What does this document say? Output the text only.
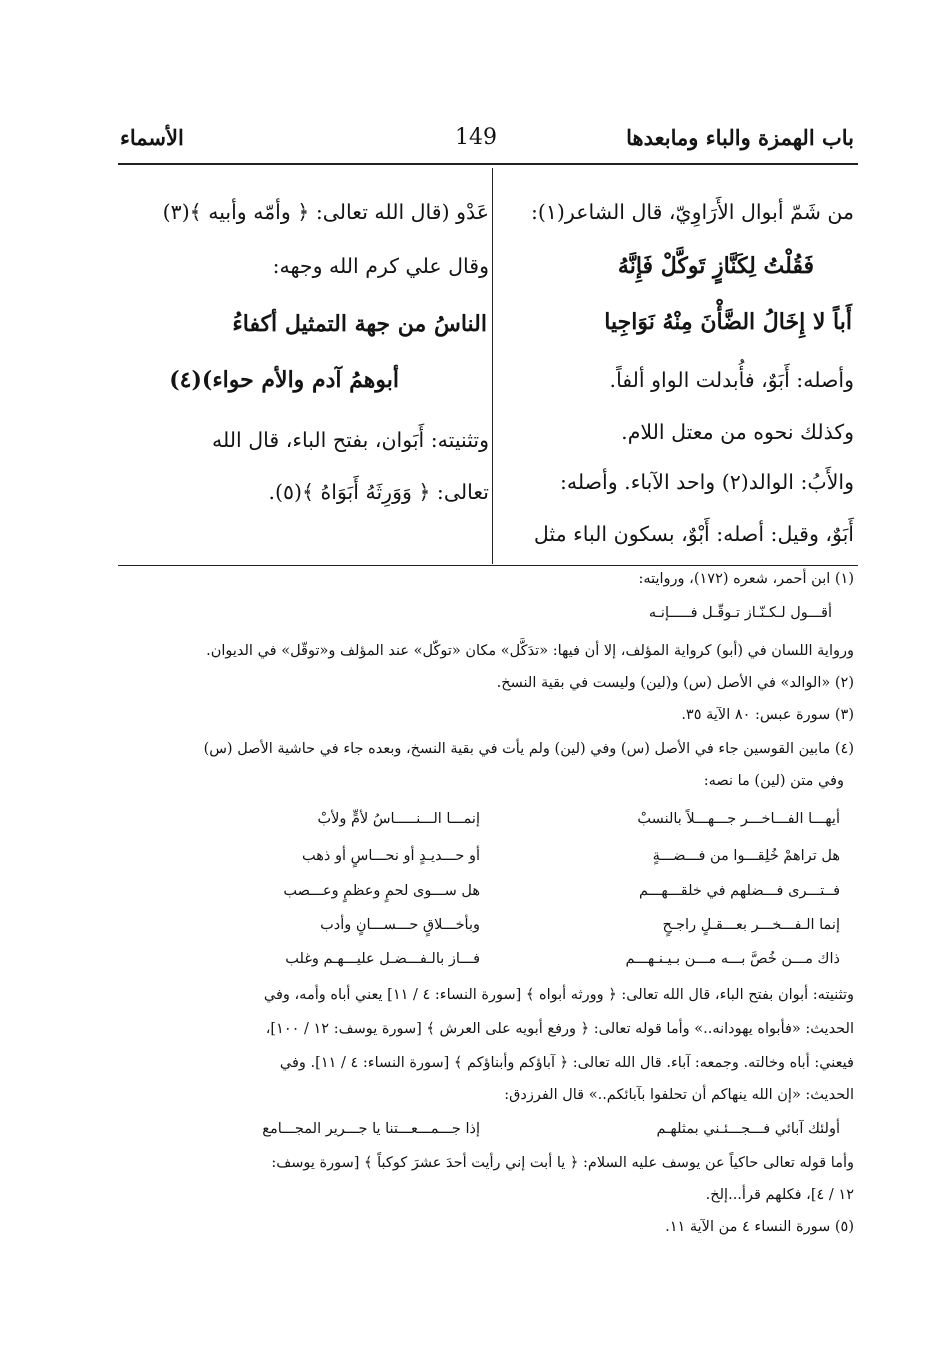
باب الهمزة والباء ومابعدها
149
الأسماء
من شَمّ أبوال الأَرَاوِيّ، قال الشاعر(١):
فَقُلْتُ لِكَنَّازٍ تَوكَّلْ فَإِنَّهُ
أَباً لا إِخَالُ الضَّأْنَ مِنْهُ نَوَاجِيا
وأصله: أَبَوٌ، فأُبدلت الواو ألفاً.
وكذلك نحوه من معتل اللام.
والأَبُ: الوالد(٢) واحد الآباء. وأصله:
أَبَوٌ، وقيل: أصله: أَبْوٌ، بسكون الباء مثل
عَدْو (قال الله تعالى: ﴿ وأمّه وأبيه ﴾(٣)
وقال علي كرم الله وجهه:
الناسُ من جهة التمثيل أكفاءُ
أبوهمُ آدم والأم حواء)(٤)
وتثنيته: أَبَوان، بفتح الباء، قال الله
تعالى: ﴿ وَوَرِثَهُ أَبَوَاهُ ﴾(٥).
(١) ابن أحمر، شعره (١٧٢)، وروايته:
أقـــول لـكـنّـاز تـوقّـل فـــــإنـه
ورواية اللسان في (أبو) كرواية المؤلف، إلا أن فيها: «تدَكَّل» مكان «توكّل» عند المؤلف و«توقّل» في الديوان.
(٢) «الوالد» في الأصل (س) و(لين) وليست في بقية النسخ.
(٣) سورة عبس: ٨٠ الآية ٣٥.
(٤) مابين القوسين جاء في الأصل (س) وفي (لين) ولم يأت في بقية النسخ، وبعده جاء في حاشية الأصل (س)
وفي متن (لين) ما نصه:
أيهـــا الفـــاخـــر جـــهـــلاً بالنسبْ
إنمـــا الـــنـــــاسُ لأمٍّ ولأبْ
هل تراهمْ خُلِقـــوا من فـــضـــةٍ
أو حـــديـدٍ أو نحـــاسٍ أو ذهب
فــتـــرى فـــضلهم في خلقـــهـــم
هل ســـوى لحمٍ وعظمٍ وعـــصب
إنما الـفـــخـــر بعـــقـلٍ راجـحٍ
وبأخـــلاقٍ حـــســـانٍ وأدب
ذاك مـــن خُصَّ بـــه مـــن بـيـنـهـــم
فـــاز بالـفـــضـل عليـــهـم وغلب
وتثنيته: أبوان بفتح الباء، قال الله تعالى: ﴿ وورثه أبواه ﴾ [سورة النساء: ٤ / ١١] يعني أباه وأمه، وفي
الحديث: «فأبواه يهودانه..» وأما قوله تعالى: ﴿ ورفع أبويه على العرش ﴾ [سورة يوسف: ١٢ / ١٠٠]،
فيعني: أباه وخالته. وجمعه: آباء. قال الله تعالى: ﴿ آباؤكم وأبناؤكم ﴾ [سورة النساء: ٤ / ١١]. وفي
الحديث: «إن الله ينهاكم أن تحلفوا بآبائكم..» قال الفرزدق:
أولئك آبائي فـــجـــئـني بمثلهـم
إذا جـــمـــعـــتنا يا جـــرير المجـــامع
وأما قوله تعالى حاكياً عن يوسف عليه السلام: ﴿ يا أبت إني رأيت أحدَ عشرَ كوكباً ﴾ [سورة يوسف:
١٢ / ٤]، فكلهم قرأ...إلخ.
(٥) سورة النساء ٤ من الآية ١١.
